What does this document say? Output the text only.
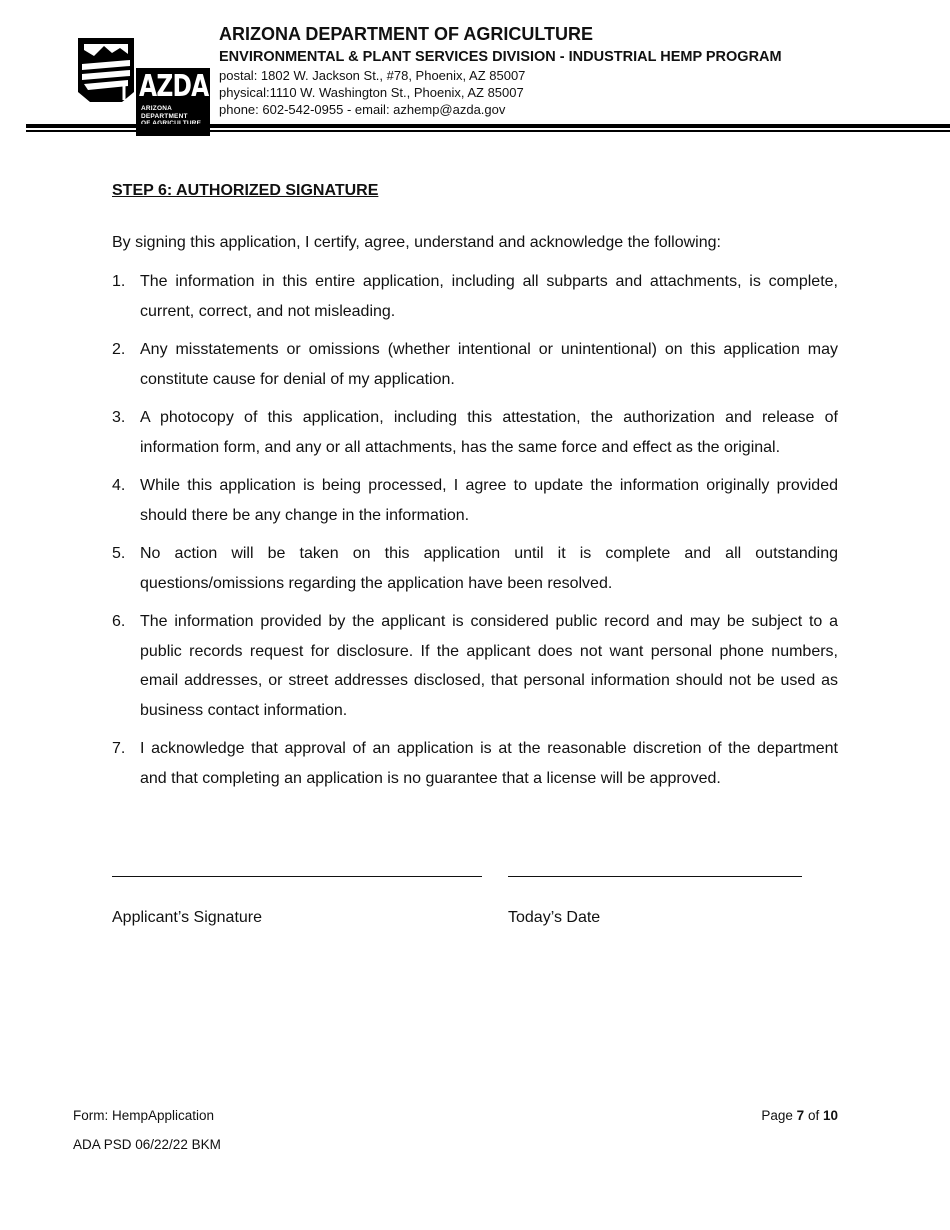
AZDA
ARIZONA
DEPARTMENT
ARIZONA DEPARTMENT OF AGRICULTURE
ENVIRONMENTAL & PLANT SERVICES DIVISION - INDUSTRIAL HEMP PROGRAM
postal: 1802 W. Jackson St., #78, Phoenix, AZ 85007
physical:1110 W. Washington St., Phoenix, AZ 85007
phone: 602-542-0955 - email: azhemp@azda.gov
STEP 6: AUTHORIZED SIGNATURE
By signing this application, I certify, agree, understand and acknowledge the following:
1. The information in this entire application, including all subparts and attachments, is complete, current, correct, and not misleading.
2. Any misstatements or omissions (whether intentional or unintentional) on this application may constitute cause for denial of my application.
3. A photocopy of this application, including this attestation, the authorization and release of information form, and any or all attachments, has the same force and effect as the original.
4. While this application is being processed, I agree to update the information originally provided should there be any change in the information.
5. No action will be taken on this application until it is complete and all outstanding questions/omissions regarding the application have been resolved.
6. The information provided by the applicant is considered public record and may be subject to a public records request for disclosure. If the applicant does not want personal phone numbers, email addresses, or street addresses disclosed, that personal information should not be used as business contact information.
7. I acknowledge that approval of an application is at the reasonable discretion of the department and that completing an application is no guarantee that a license will be approved.
Applicant’s Signature	Today’s Date
Form: HempApplication
ADA PSD 06/22/22 BKM
Page 7 of 10
